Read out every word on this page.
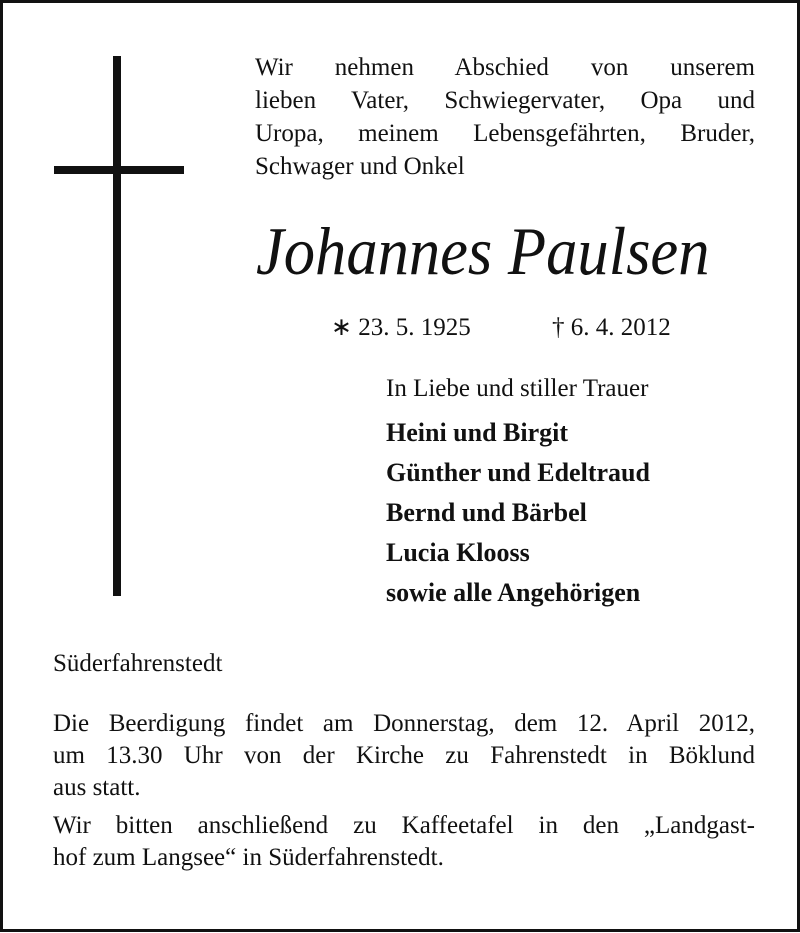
Wir nehmen Abschied von unserem
lieben Vater, Schwiegervater, Opa und
Uropa, meinem Lebensgefährten, Bruder,
Schwager und Onkel
Johannes Paulsen
∗ 23. 5. 1925	† 6. 4. 2012
In Liebe und stiller Trauer
Heini und Birgit
Günther und Edeltraud
Bernd und Bärbel
Lucia Klooss
sowie alle Angehörigen
Süderfahrenstedt
Die Beerdigung findet am Donnerstag, dem 12. April 2012,
um 13.30 Uhr von der Kirche zu Fahrenstedt in Böklund
aus statt.
Wir bitten anschließend zu Kaffeetafel in den „Landgast-
hof zum Langsee“ in Süderfahrenstedt.
